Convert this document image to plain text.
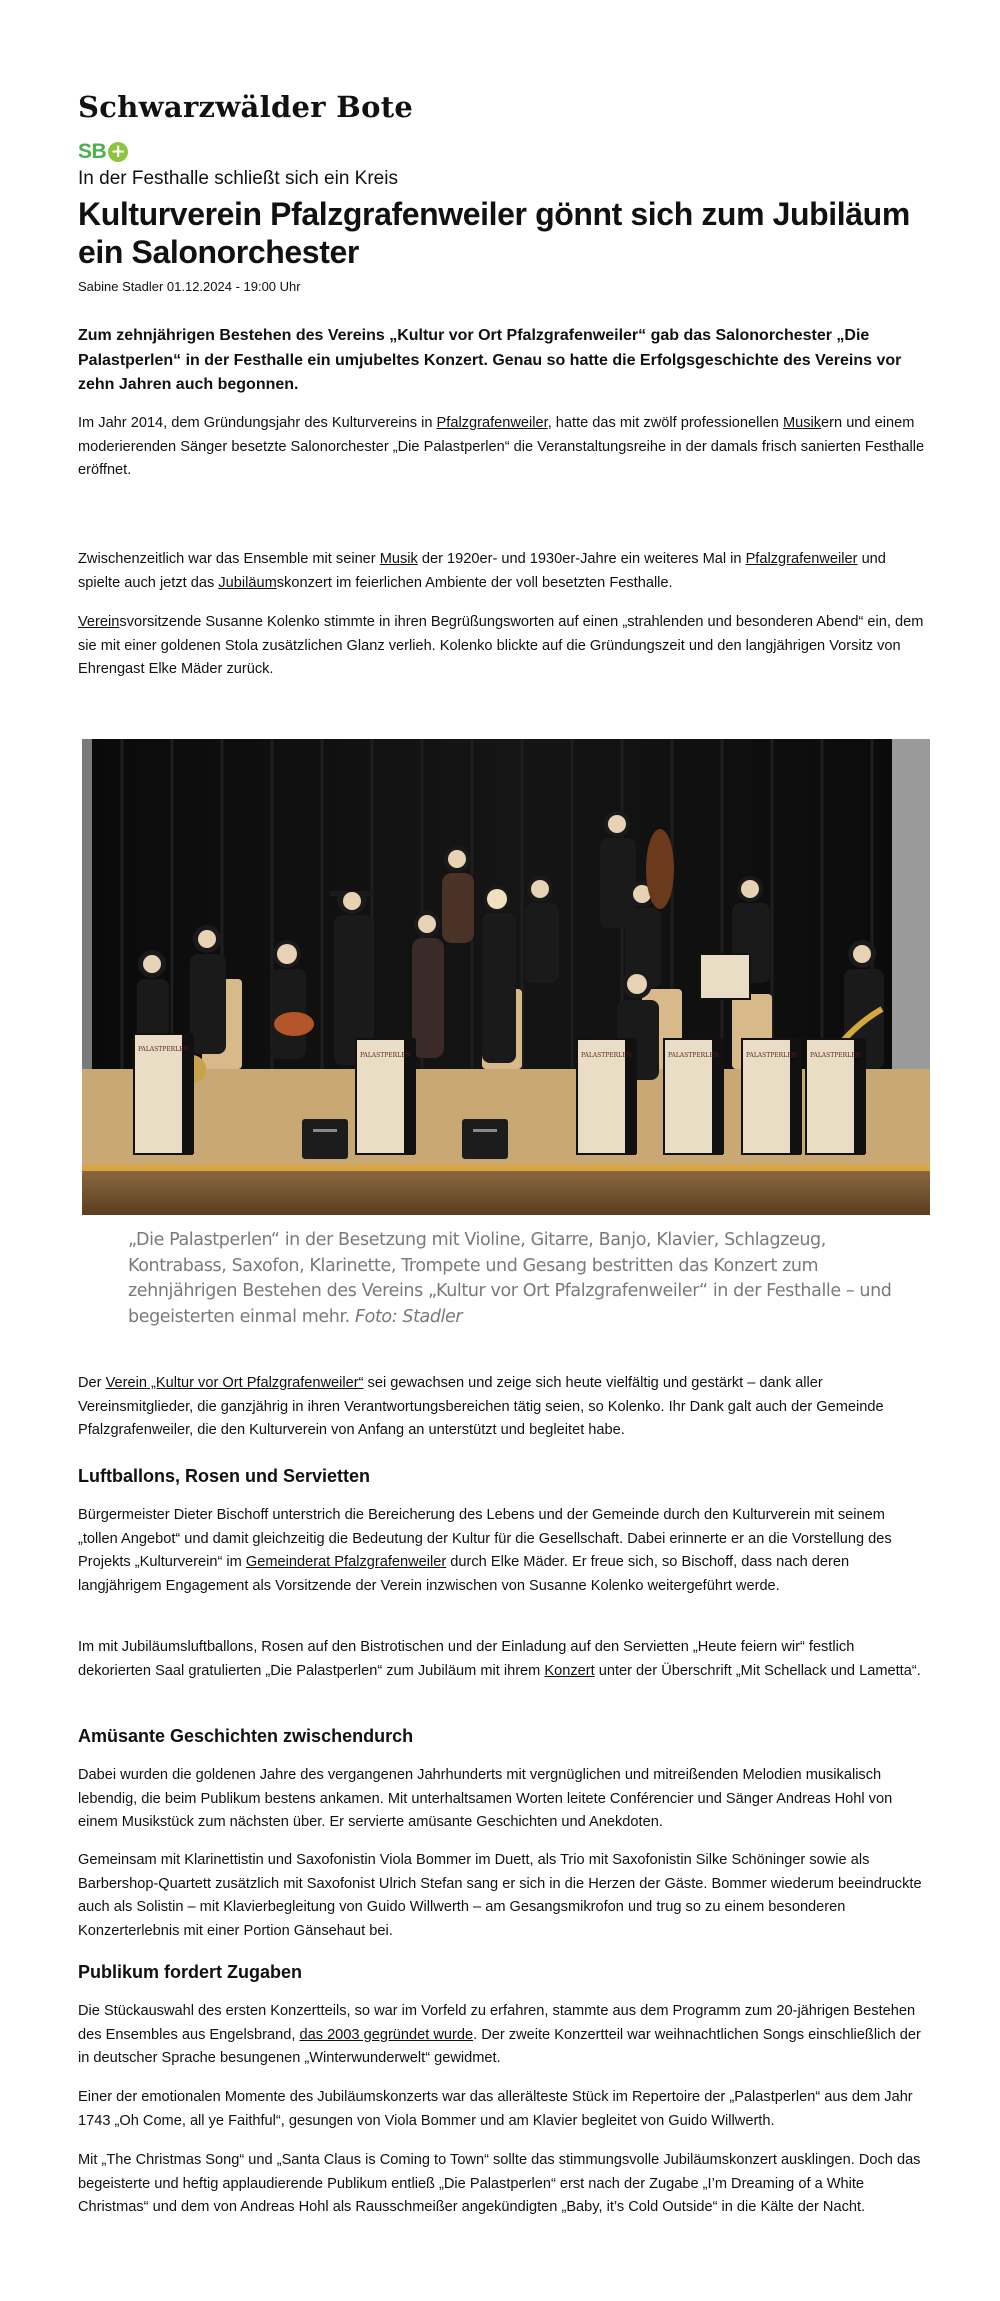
Schwarzwälder Bote
SB +
In der Festhalle schließt sich ein Kreis
Kulturverein Pfalzgrafenweiler gönnt sich zum Jubiläum ein Salonorchester
Sabine Stadler 01.12.2024 - 19:00 Uhr

Zum zehnjährigen Bestehen des Vereins „Kultur vor Ort Pfalzgrafenweiler“ gab das Salonorchester „Die Palastperlen“ in der Festhalle ein umjubeltes Konzert. Genau so hatte die Erfolgsgeschichte des Vereins vor zehn Jahren auch begonnen.

Im Jahr 2014, dem Gründungsjahr des Kulturvereins in Pfalzgrafenweiler, hatte das mit zwölf professionellen Musikern und einem moderierenden Sänger besetzte Salonorchester „Die Palastperlen“ die Veranstaltungsreihe in der damals frisch sanierten Festhalle eröffnet.

Zwischenzeitlich war das Ensemble mit seiner Musik der 1920er- und 1930er-Jahre ein weiteres Mal in Pfalzgrafenweiler und spielte auch jetzt das Jubiläumskonzert im feierlichen Ambiente der voll besetzten Festhalle.

Vereinsvorsitzende Susanne Kolenko stimmte in ihren Begrüßungsworten auf einen „strahlenden und besonderen Abend“ ein, dem sie mit einer goldenen Stola zusätzlichen Glanz verlieh. Kolenko blickte auf die Gründungszeit und den langjährigen Vorsitz von Ehrengast Elke Mäder zurück.

PALASTPERLEN
PALASTPERLEN	PALASTPERLEN	PALASTPERLEN	PALASTPERLEN PALASTPERLEN

„Die Palastperlen“ in der Besetzung mit Violine, Gitarre, Banjo, Klavier, Schlagzeug, Kontrabass, Saxofon, Klarinette, Trompete und Gesang bestritten das Konzert zum zehnjährigen Bestehen des Vereins „Kultur vor Ort Pfalzgrafenweiler“ in der Festhalle – und begeisterten einmal mehr. Foto: Stadler

Der Verein „Kultur vor Ort Pfalzgrafenweiler“ sei gewachsen und zeige sich heute vielfältig und gestärkt – dank aller Vereinsmitglieder, die ganzjährig in ihren Verantwortungsbereichen tätig seien, so Kolenko. Ihr Dank galt auch der Gemeinde Pfalzgrafenweiler, die den Kulturverein von Anfang an unterstützt und begleitet habe.

Luftballons, Rosen und Servietten

Bürgermeister Dieter Bischoff unterstrich die Bereicherung des Lebens und der Gemeinde durch den Kulturverein mit seinem „tollen Angebot“ und damit gleichzeitig die Bedeutung der Kultur für die Gesellschaft. Dabei erinnerte er an die Vorstellung des Projekts „Kulturverein“ im Gemeinderat Pfalzgrafenweiler durch Elke Mäder. Er freue sich, so Bischoff, dass nach deren langjährigem Engagement als Vorsitzende der Verein inzwischen von Susanne Kolenko weitergeführt werde.

Im mit Jubiläumsluftballons, Rosen auf den Bistrotischen und der Einladung auf den Servietten „Heute feiern wir“ festlich dekorierten Saal gratulierten „Die Palastperlen“ zum Jubiläum mit ihrem Konzert unter der Überschrift „Mit Schellack und Lametta“.

Amüsante Geschichten zwischendurch

Dabei wurden die goldenen Jahre des vergangenen Jahrhunderts mit vergnüglichen und mitreißenden Melodien musikalisch lebendig, die beim Publikum bestens ankamen. Mit unterhaltsamen Worten leitete Conférencier und Sänger Andreas Hohl von einem Musikstück zum nächsten über. Er servierte amüsante Geschichten und Anekdoten.

Gemeinsam mit Klarinettistin und Saxofonistin Viola Bommer im Duett, als Trio mit Saxofonistin Silke Schöninger sowie als Barbershop-Quartett zusätzlich mit Saxofonist Ulrich Stefan sang er sich in die Herzen der Gäste. Bommer wiederum beeindruckte auch als Solistin – mit Klavierbegleitung von Guido Willwerth – am Gesangsmikrofon und trug so zu einem besonderen Konzerterlebnis mit einer Portion Gänsehaut bei.

Publikum fordert Zugaben

Die Stückauswahl des ersten Konzertteils, so war im Vorfeld zu erfahren, stammte aus dem Programm zum 20-jährigen Bestehen des Ensembles aus Engelsbrand, das 2003 gegründet wurde. Der zweite Konzertteil war weihnachtlichen Songs einschließlich der in deutscher Sprache besungenen „Winterwunderwelt“ gewidmet.

Einer der emotionalen Momente des Jubiläumskonzerts war das allerälteste Stück im Repertoire der „Palastperlen“ aus dem Jahr 1743 „Oh Come, all ye Faithful“, gesungen von Viola Bommer und am Klavier begleitet von Guido Willwerth.

Mit „The Christmas Song“ und „Santa Claus is Coming to Town“ sollte das stimmungsvolle Jubiläumskonzert ausklingen. Doch das begeisterte und heftig applaudierende Publikum entließ „Die Palastperlen“ erst nach der Zugabe „I’m Dreaming of a White Christmas“ und dem von Andreas Hohl als Rausschmeißer angekündigten „Baby, it’s Cold Outside“ in die Kälte der Nacht.
